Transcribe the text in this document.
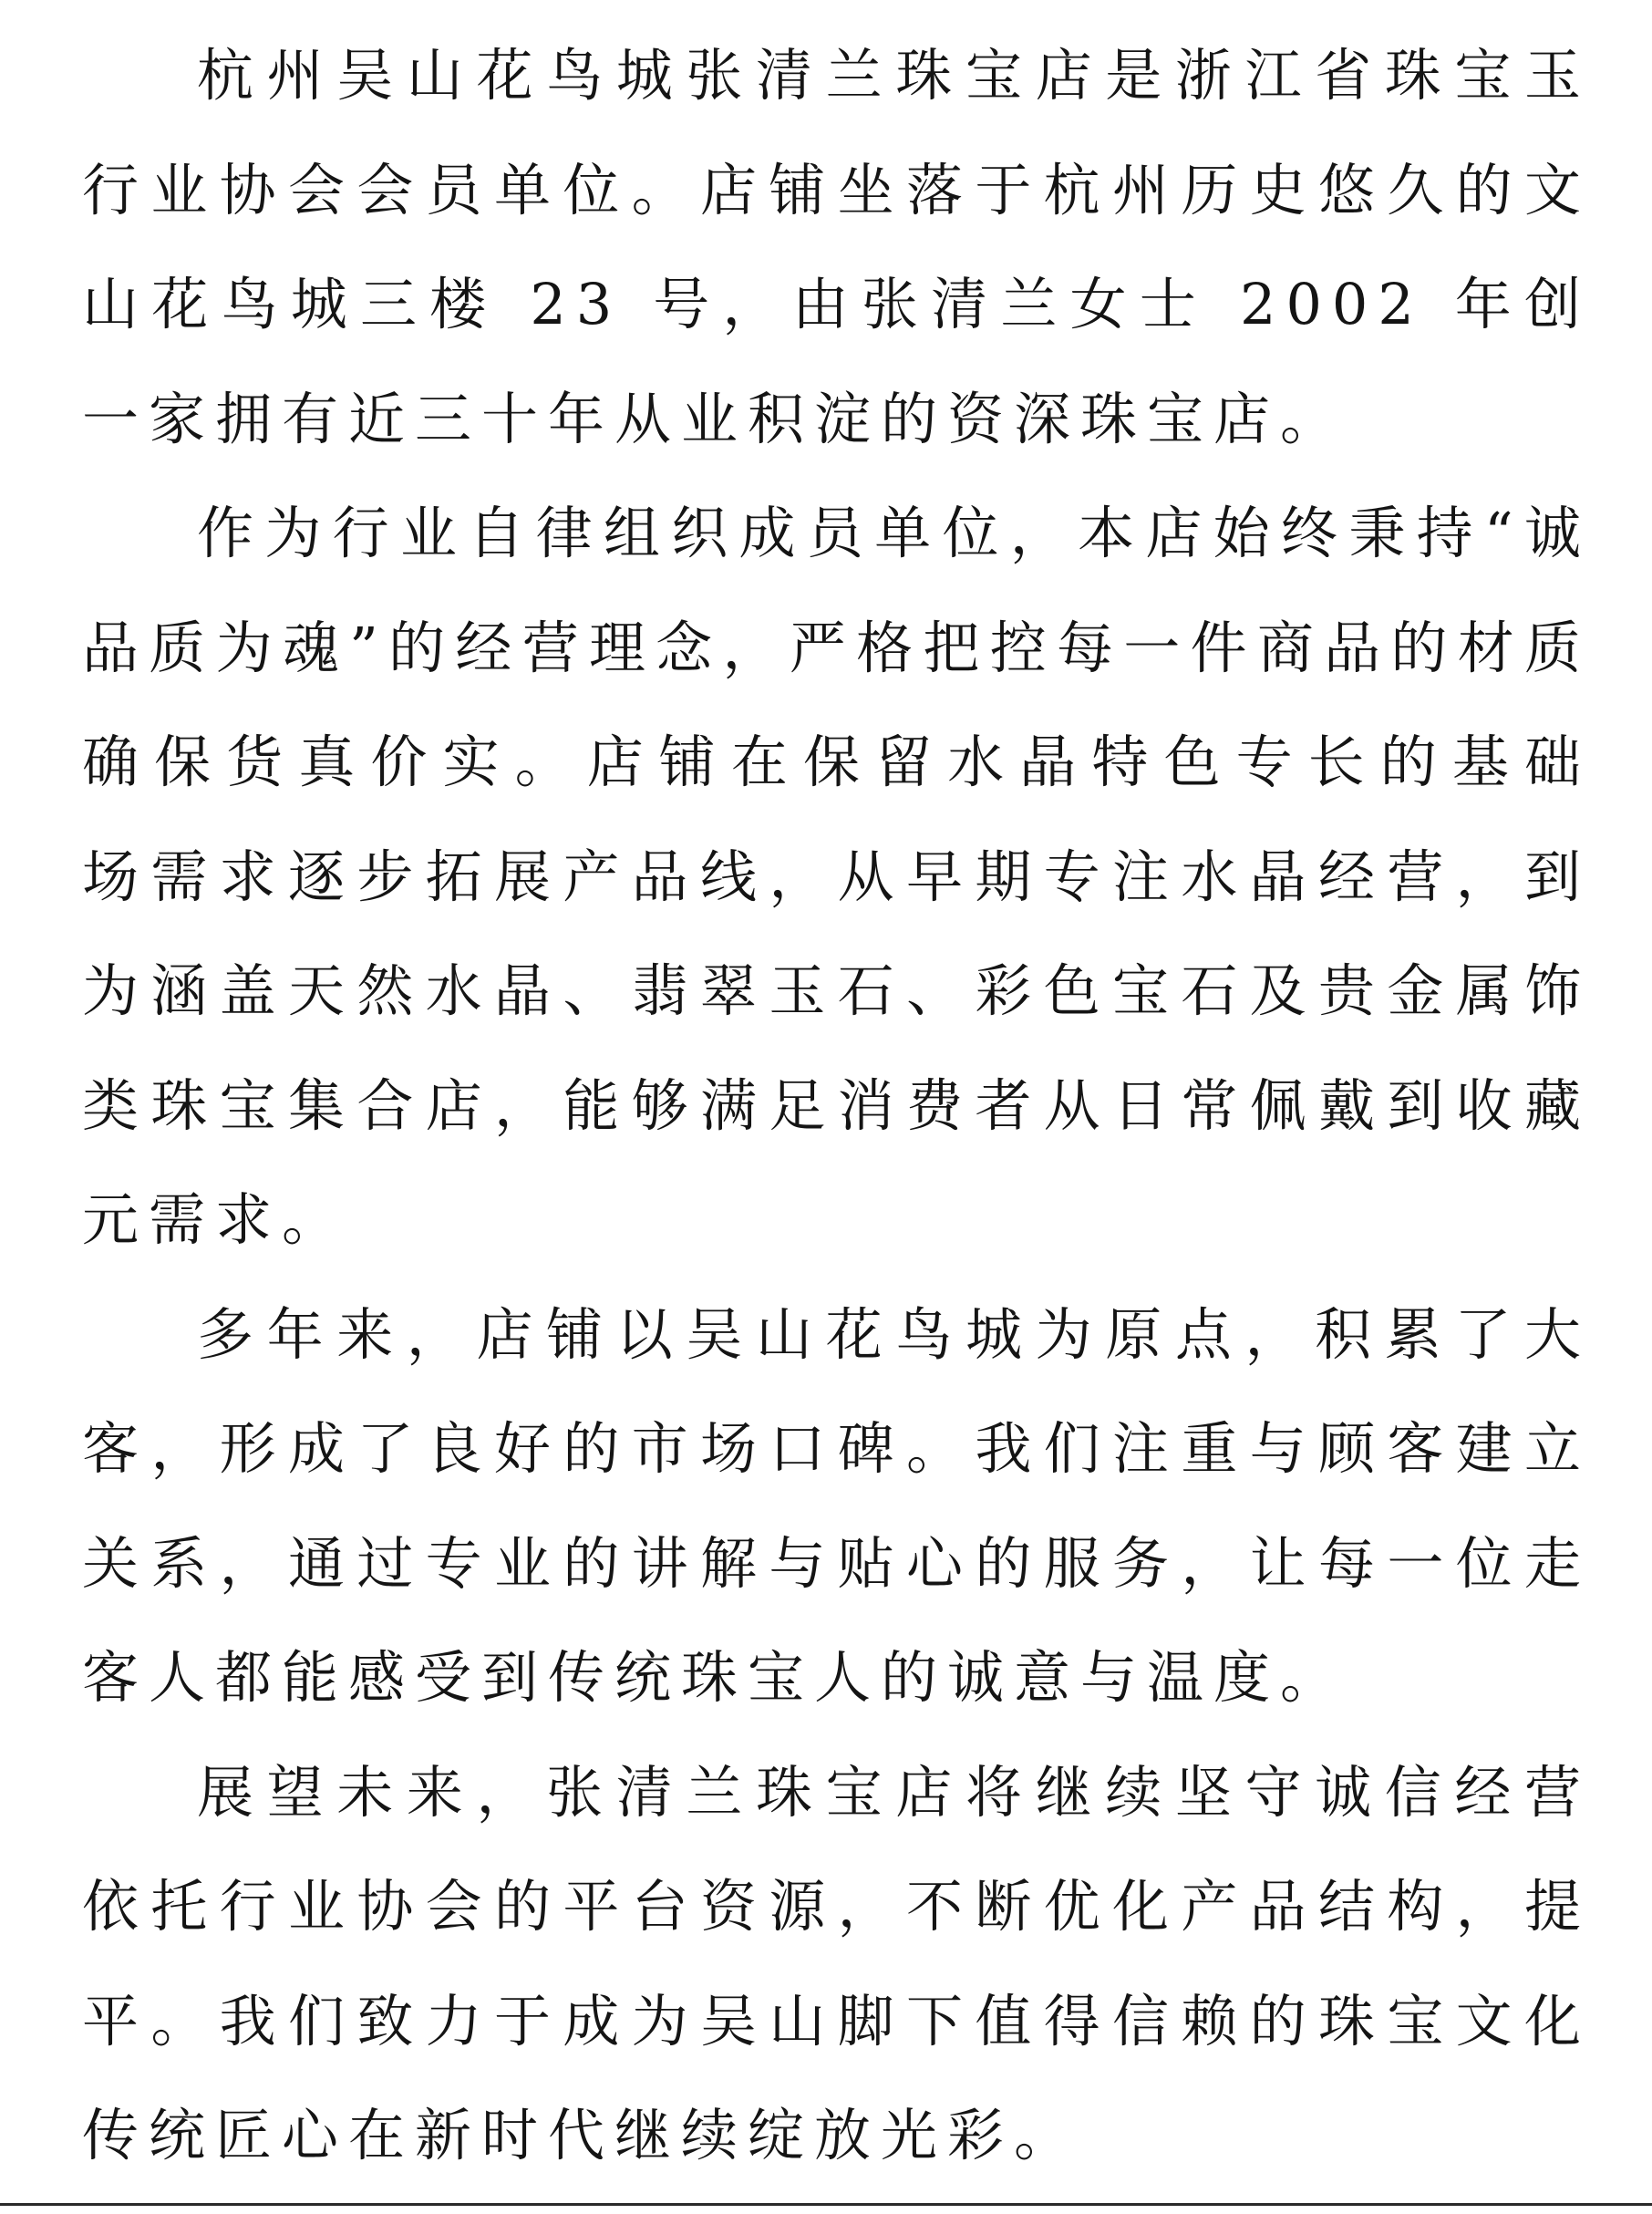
杭州吴山花鸟城张清兰珠宝店是浙江省珠宝玉
行业协会会员单位。店铺坐落于杭州历史悠久的文
山花鸟城三楼 23 号，由张清兰女士 2002 年创
一家拥有近三十年从业积淀的资深珠宝店。
作为行业自律组织成员单位，本店始终秉持“诚
品质为魂”的经营理念，严格把控每一件商品的材质
确保货真价实。店铺在保留水晶特色专长的基础
场需求逐步拓展产品线，从早期专注水晶经营，到
为涵盖天然水晶、翡翠玉石、彩色宝石及贵金属饰
类珠宝集合店，能够满足消费者从日常佩戴到收藏
元需求。
多年来，店铺以吴山花鸟城为原点，积累了大
客，形成了良好的市场口碑。我们注重与顾客建立
关系，通过专业的讲解与贴心的服务，让每一位走
客人都能感受到传统珠宝人的诚意与温度。
展望未来，张清兰珠宝店将继续坚守诚信经营
依托行业协会的平台资源，不断优化产品结构，提
平。我们致力于成为吴山脚下值得信赖的珠宝文化
传统匠心在新时代继续绽放光彩。
